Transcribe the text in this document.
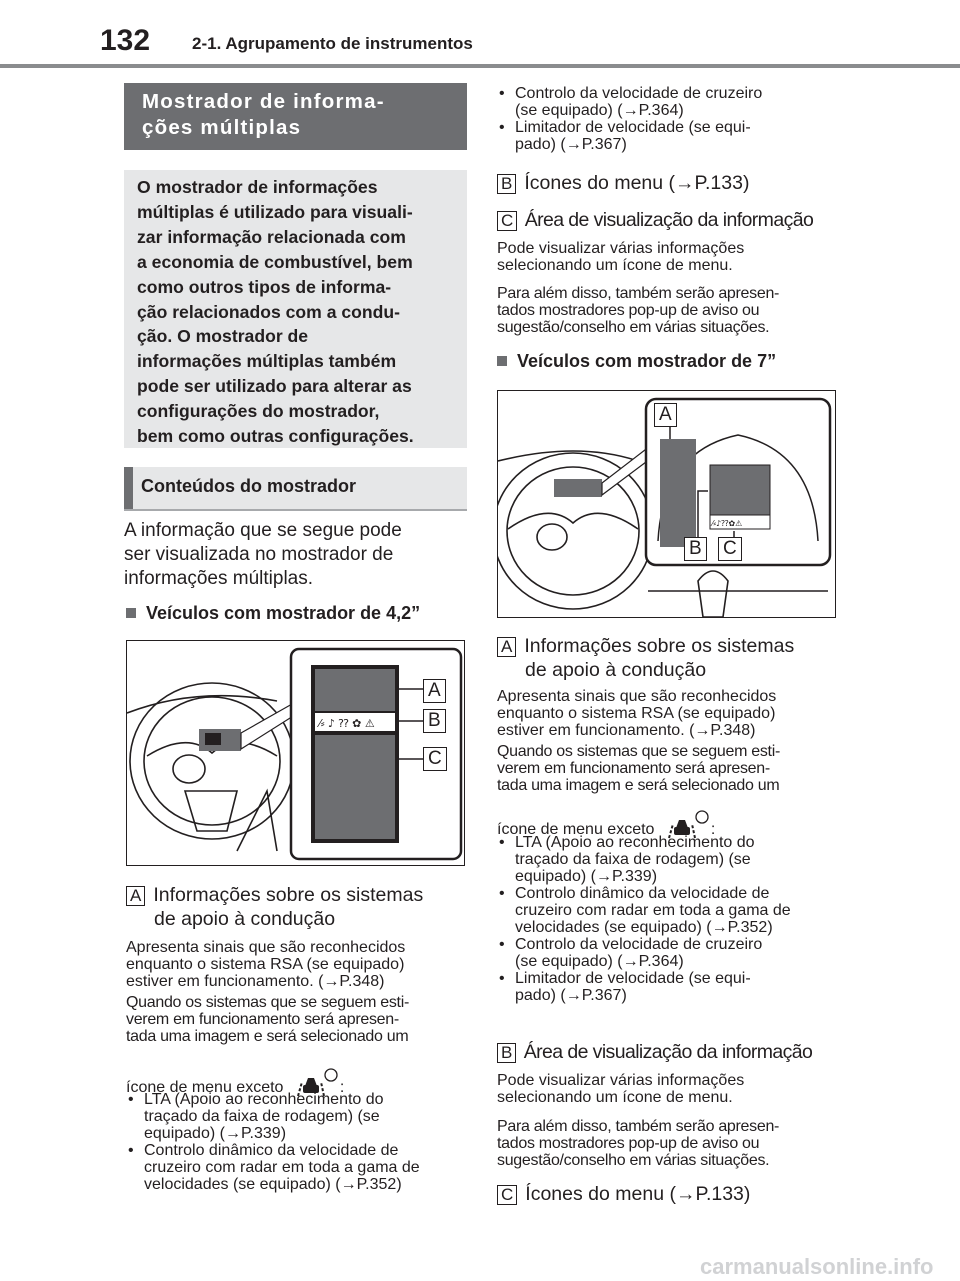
132 2-1. Agrupamento de instrumentos
Mostrador de informa-
ções múltiplas
O mostrador de informações
múltiplas é utilizado para visuali-
zar informação relacionada com
a economia de combustível, bem
como outros tipos de informa-
ção relacionados com a condu-
ção. O mostrador de
informações múltiplas também
pode ser utilizado para alterar as
configurações do mostrador,
bem como outras configurações.
Conteúdos do mostrador
A informação que se segue pode
ser visualizada no mostrador de
informações múltiplas.
Veículos com mostrador de 4,2”
⁄⸗ ♪ ⁇ ✿ ⚠
A
B
C
A Informações sobre os sistemas
de apoio à condução
Apresenta sinais que são reconhecidos
enquanto o sistema RSA (se equipado)
estiver em funcionamento. (→P.348)
Quando os sistemas que se seguem esti-
verem em funcionamento será apresen-
tada uma imagem e será selecionado um
ícone de menu exceto	:
• LTA (Apoio ao reconhecimento do
traçado da faixa de rodagem) (se
equipado) (→P.339)
• Controlo dinâmico da velocidade de
cruzeiro com radar em toda a gama de
velocidades (se equipado) (→P.352)
• Controlo da velocidade de cruzeiro
(se equipado) (→P.364)
• Limitador de velocidade (se equi-
pado) (→P.367)
B Ícones do menu (→P.133)
C Área de visualização da informação
Pode visualizar várias informações
selecionando um ícone de menu.
Para além disso, também serão apresen-
tados mostradores pop-up de aviso ou
sugestão/conselho em várias situações.
Veículos com mostrador de 7”
⁄⸗♪⁇✿⚠
A
B C
A Informações sobre os sistemas
de apoio à condução
Apresenta sinais que são reconhecidos
enquanto o sistema RSA (se equipado)
estiver em funcionamento. (→P.348)
Quando os sistemas que se seguem esti-
verem em funcionamento será apresen-
tada uma imagem e será selecionado um
ícone de menu exceto	:
• LTA (Apoio ao reconhecimento do
traçado da faixa de rodagem) (se
equipado) (→P.339)
• Controlo dinâmico da velocidade de
cruzeiro com radar em toda a gama de
velocidades (se equipado) (→P.352)
• Controlo da velocidade de cruzeiro
(se equipado) (→P.364)
• Limitador de velocidade (se equi-
pado) (→P.367)
B Área de visualização da informação
Pode visualizar várias informações
selecionando um ícone de menu.
Para além disso, também serão apresen-
tados mostradores pop-up de aviso ou
sugestão/conselho em várias situações.
C Ícones do menu (→P.133)
carmanualsonline.info
